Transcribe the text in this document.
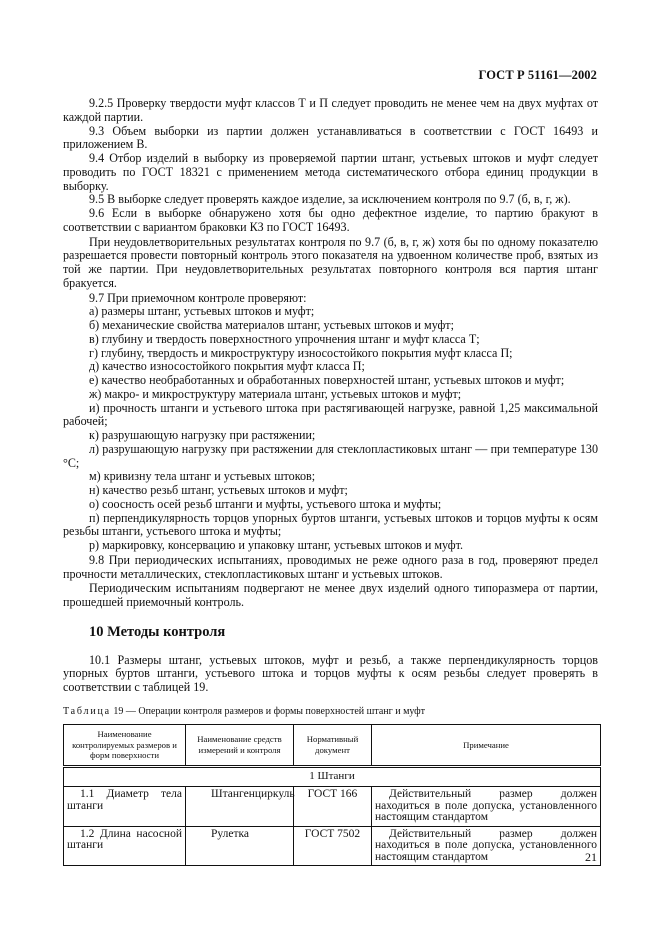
ГОСТ Р 51161—2002

9.2.5 Проверку твердости муфт классов Т и П следует проводить не менее чем на двух муфтах от каждой партии.

9.3 Объем выборки из партии должен устанавливаться в соответствии с ГОСТ 16493 и приложением В.

9.4 Отбор изделий в выборку из проверяемой партии штанг, устьевых штоков и муфт следует проводить по ГОСТ 18321 с применением метода систематического отбора единиц продукции в выборку.

9.5 В выборке следует проверять каждое изделие, за исключением контроля по 9.7 (б, в, г, ж).

9.6 Если в выборке обнаружено хотя бы одно дефектное изделие, то партию бракуют в соответствии с вариантом браковки КЗ по ГОСТ 16493.

При неудовлетворительных результатах контроля по 9.7 (б, в, г, ж) хотя бы по одному показателю разрешается провести повторный контроль этого показателя на удвоенном количестве проб, взятых из той же партии. При неудовлетворительных результатах повторного контроля вся партия штанг бракуется.

9.7 При приемочном контроле проверяют:

а) размеры штанг, устьевых штоков и муфт;

б) механические свойства материалов штанг, устьевых штоков и муфт;

в) глубину и твердость поверхностного упрочнения штанг и муфт класса Т;

г) глубину, твердость и микроструктуру износостойкого покрытия муфт класса П;

д) качество износостойкого покрытия муфт класса П;

е) качество необработанных и обработанных поверхностей штанг, устьевых штоков и муфт;

ж) макро- и микроструктуру материала штанг, устьевых штоков и муфт;

и) прочность штанги и устьевого штока при растягивающей нагрузке, равной 1,25 максимальной рабочей;

к) разрушающую нагрузку при растяжении;

л) разрушающую нагрузку при растяжении для стеклопластиковых штанг — при температуре 130 °С;

м) кривизну тела штанг и устьевых штоков;

н) качество резьб штанг, устьевых штоков и муфт;

о) соосность осей резьб штанги и муфты, устьевого штока и муфты;

п) перпендикулярность торцов упорных буртов штанги, устьевых штоков и торцов муфты к осям резьбы штанги, устьевого штока и муфты;

р) маркировку, консервацию и упаковку штанг, устьевых штоков и муфт.

9.8 При периодических испытаниях, проводимых не реже одного раза в год, проверяют предел прочности металлических, стеклопластиковых штанг и устьевых штоков.

Периодическим испытаниям подвергают не менее двух изделий одного типоразмера от партии, прошедшей приемочный контроль.

10 Методы контроля

10.1 Размеры штанг, устьевых штоков, муфт и резьб, а также перпендикулярность торцов упорных буртов штанги, устьевого штока и торцов муфты к осям резьбы следует проверять в соответствии с таблицей 19.

Таблица 19 — Операции контроля размеров и формы поверхностей штанг и муфт
Наименование контролируемых размеров и форм поверхности	Наименование средств измерений и контроля	Нормативный документ	Примечание
1 Штанги			
1.1 Диаметр тела штанги	Штангенциркуль	ГОСТ 166	Действительный размер должен находиться в поле допуска, установленного настоящим стандартом
1.2 Длина насосной штанги	Рулетка	ГОСТ 7502	Действительный размер должен находиться в поле допуска, установленного настоящим стандартом	21
